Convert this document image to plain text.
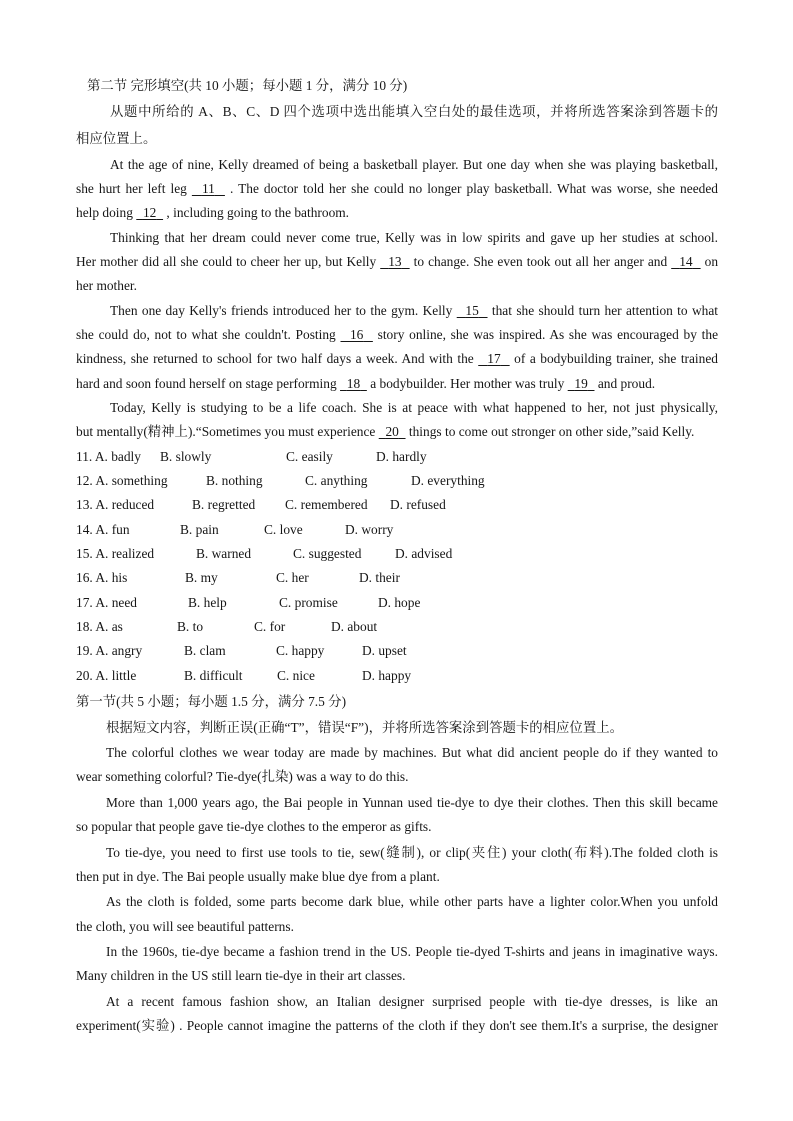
第二节 完形填空(共 10 小题；每小题 1 分，满分 10 分)
从题中所给的 A、B、C、D 四个选项中选出能填入空白处的最佳选项，并将所选答案涂到答题卡的
相应位置上。
At the age of nine, Kelly dreamed of being a basketball player. But one day when she was playing basketball,
she hurt her left leg 11 . The doctor told her she could no longer play basketball. What was worse, she needed
help doing 12 , including going to the bathroom.
Thinking that her dream could never come true, Kelly was in low spirits and gave up her studies at school.
Her mother did all she could to cheer her up, but Kelly 13 to change. She even took out all her anger and 14 on
her mother.
Then one day Kelly's friends introduced her to the gym. Kelly 15 that she should turn her attention to what
she could do, not to what she couldn't. Posting 16 story online, she was inspired. As she was encouraged by the
kindness, she returned to school for two half days a week. And with the 17 of a bodybuilding trainer, she trained
hard and soon found herself on stage performing 18 a bodybuilder. Her mother was truly 19 and proud.
Today, Kelly is studying to be a life coach. She is at peace with what happened to her, not just physically,
but mentally(精神上).“Sometimes you must experience 20 things to come out stronger on other side,”said Kelly.
11. A. badly B. slowly	C. easily	D. hardly
12. A. something	B. nothing	C. anything	D. everything
13. A. reduced	B. regretted C. remembered D. refused
14. A. fun	B. pain	C. love	D. worry
15. A. realized	B. warned	C. suggested	D. advised
16. A. his	B. my	C. her	D. their
17. A. need	B. help	C. promise	D. hope
18. A. as	B. to	C. for	D. about
19. A. angry	B. clam	C. happy	D. upset
20. A. little	B. difficult	C. nice	D. happy
第一节(共 5 小题；每小题 1.5 分，满分 7.5 分)
根据短文内容，判断正误(正确“T”，错误“F”)，并将所选答案涂到答题卡的相应位置上。
The colorful clothes we wear today are made by machines. But what did ancient people do if they wanted to
wear something colorful? Tie-dye(扎染) was a way to do this.
More than 1,000 years ago, the Bai people in Yunnan used tie-dye to dye their clothes. Then this skill became
so popular that people gave tie-dye clothes to the emperor as gifts.
To tie-dye, you need to first use tools to tie, sew(缝制), or clip(夹住) your cloth(布料).The folded cloth is
then put in dye. The Bai people usually make blue dye from a plant.
As the cloth is folded, some parts become dark blue, while other parts have a lighter color.When you unfold
the cloth, you will see beautiful patterns.
In the 1960s, tie-dye became a fashion trend in the US. People tie-dyed T-shirts and jeans in imaginative ways.
Many children in the US still learn tie-dye in their art classes.
At a recent famous fashion show, an Italian designer surprised people with tie-dye dresses, is like an
experiment(实验) . People cannot imagine the patterns of the cloth if they don't see them.It's a surprise, the designer
